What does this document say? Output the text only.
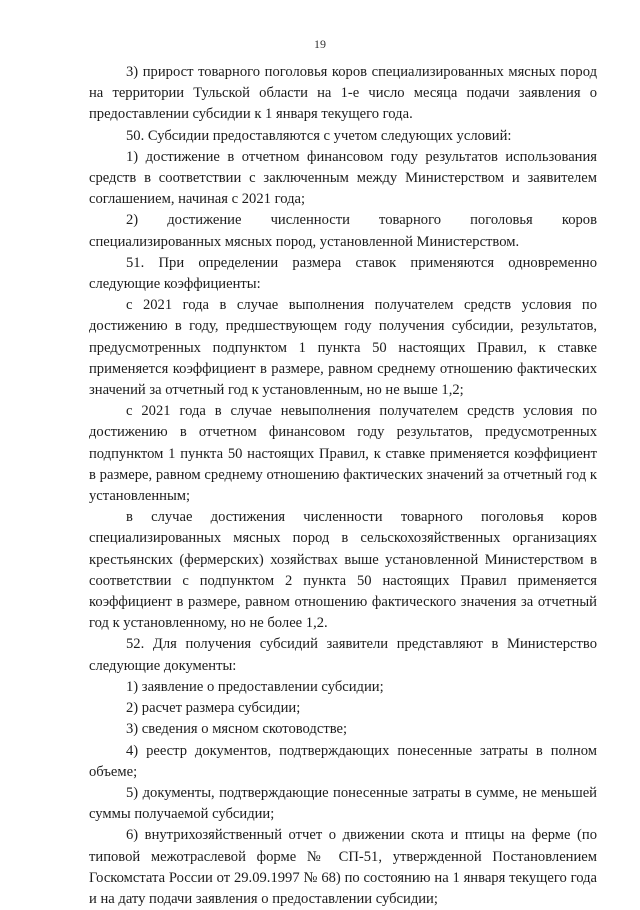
19

3) прирост товарного поголовья коров специализированных мясных пород на территории Тульской области на 1-е число месяца подачи заявления о предоставлении субсидии к 1 января текущего года.

50. Субсидии предоставляются с учетом следующих условий:

1) достижение в отчетном финансовом году результатов использования средств в соответствии с заключенным между Министерством и заявителем соглашением, начиная с 2021 года;

2) достижение численности товарного поголовья коров специализированных мясных пород, установленной Министерством.

51. При определении размера ставок применяются одновременно следующие коэффициенты:

с 2021 года в случае выполнения получателем средств условия по достижению в году, предшествующем году получения субсидии, результатов, предусмотренных подпунктом 1 пункта 50 настоящих Правил, к ставке применяется коэффициент в размере, равном среднему отношению фактических значений за отчетный год к установленным, но не выше 1,2;

с 2021 года в случае невыполнения получателем средств условия по достижению в отчетном финансовом году результатов, предусмотренных подпунктом 1 пункта 50 настоящих Правил, к ставке применяется коэффициент в размере, равном среднему отношению фактических значений за отчетный год к установленным;

в случае достижения численности товарного поголовья коров специализированных мясных пород в сельскохозяйственных организациях крестьянских (фермерских) хозяйствах выше установленной Министерством в соответствии с подпунктом 2 пункта 50 настоящих Правил применяется коэффициент в размере, равном отношению фактического значения за отчетный год к установленному, но не более 1,2.

52. Для получения субсидий заявители представляют в Министерство следующие документы:

1) заявление о предоставлении субсидии;

2) расчет размера субсидии;

3) сведения о мясном скотоводстве;

4) реестр документов, подтверждающих понесенные затраты в полном объеме;

5) документы, подтверждающие понесенные затраты в сумме, не меньшей суммы получаемой субсидии;

6) внутрихозяйственный отчет о движении скота и птицы на ферме (по типовой межотраслевой форме № СП-51, утвержденной Постановлением Госкомстата России от 29.09.1997 № 68) по состоянию на 1 января текущего года и на дату подачи заявления о предоставлении субсидии;
